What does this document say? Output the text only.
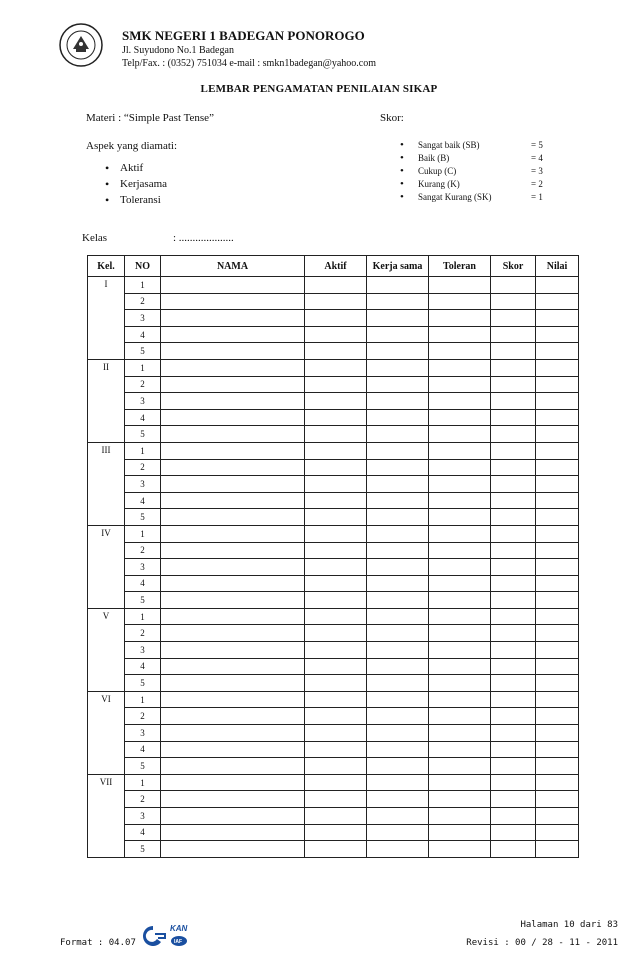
SMK NEGERI 1 BADEGAN PONOROGO
Jl. Suyudono No.1 Badegan
Telp/Fax. : (0352) 751034 e-mail : smkn1badegan@yahoo.com
LEMBAR PENGAMATAN PENILAIAN SIKAP
Materi : “Simple Past Tense”	Skor:
Aspek yang diamati:
• Aktif
• Kerjasama
• Toleransi
• Sangat baik (SB)	= 5
• Baik (B)	= 4
• Cukup (C)	= 3
• Kurang (K)	= 2
• Sangat Kurang (SK)	= 1
Kelas	: ....................
Kel.	NO	NAMA	Aktif	Kerja sama	Toleran	Skor	Nilai

I	1						
	2						
	3						
	4						
	5						

II	1						
	2						
	3						
	4						
	5						

III	1						
	2						
	3						
	4						
	5						

IV	1						
	2						
	3						
	4						
	5						

V	1						
	2						
	3						
	4						
	5						

VI	1						
	2						
	3						
	4						
	5						

VII	1						
	2						
	3						
	4						
	5						
Format : 04.07
KAN
IAF
Halaman 10 dari 83
Revisi : 00 / 28 - 11 - 2011
